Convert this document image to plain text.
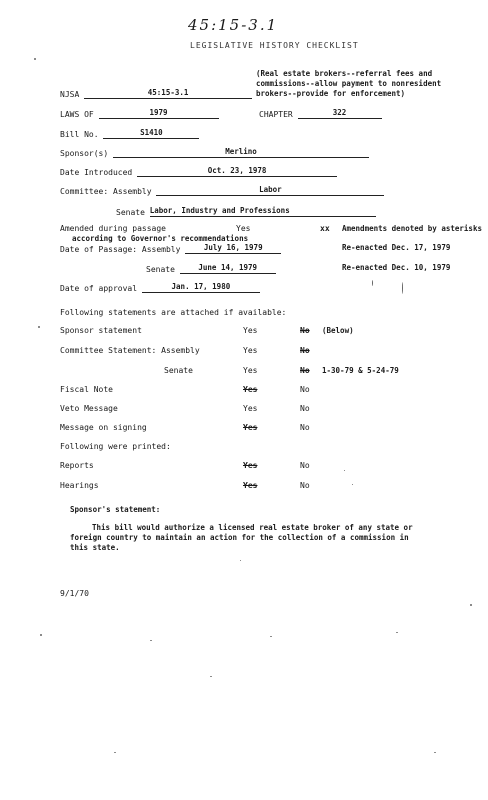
45:15-3.1
LEGISLATIVE HISTORY CHECKLIST
(Real estate brokers--referral fees and
commissions--allow payment to nonresident
brokers--provide for enforcement)
NJSA	45:15-3.1
LAWS OF	1979	CHAPTER	322
Bill No.	S1410
Sponsor(s)	Merlino
Date Introduced	Oct. 23, 1978
Committee: Assembly	Labor
Senate Labor, Industry and Professions
Amended during passage	Yes	xx Amendments denoted by asterisks
according to Governor's recommendations
Date of Passage: Assembly	July 16, 1979	Re-enacted Dec. 17, 1979
Senate	June 14, 1979	Re-enacted Dec. 10, 1979
Date of approval	Jan. 17, 1980
Following statements are attached if available:
Sponsor statement	Yes	No (Below)
Committee Statement: Assembly	Yes	No
Senate	Yes	No 1-30-79 & 5-24-79
Fiscal Note	Yes	No
Veto Message	Yes	No
Message on signing	Yes	No
Following were printed:
Reports	Yes	No
Hearings	Yes	No
Sponsor's statement:
This bill would authorize a licensed real estate broker of any state or
foreign country to maintain an action for the collection of a commission in
this state.
9/1/70
